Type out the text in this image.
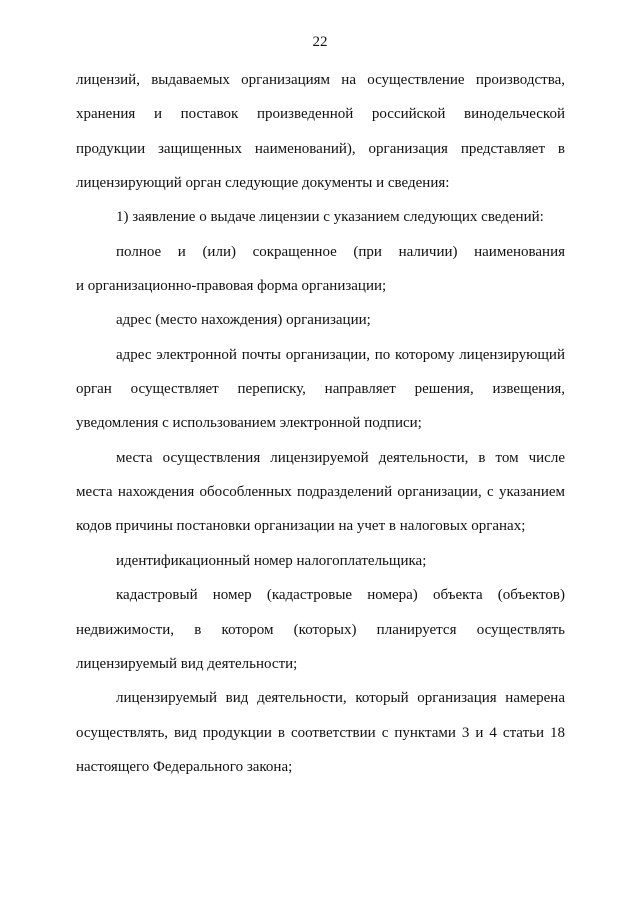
22
лицензий, выдаваемых организациям на осуществление производства,
хранения и поставок произведенной российской винодельческой
продукции защищенных наименований), организация представляет в
лицензирующий орган следующие документы и сведения:
1) заявление о выдаче лицензии с указанием следующих сведений:
полное и (или) сокращенное (при наличии) наименования
и организационно-правовая форма организации;
адрес (место нахождения) организации;
адрес электронной почты организации, по которому лицензирующий
орган осуществляет переписку, направляет решения, извещения,
уведомления с использованием электронной подписи;
места осуществления лицензируемой деятельности, в том числе
места нахождения обособленных подразделений организации, с указанием
кодов причины постановки организации на учет в налоговых органах;
идентификационный номер налогоплательщика;
кадастровый номер (кадастровые номера) объекта (объектов)
недвижимости, в котором (которых) планируется осуществлять
лицензируемый вид деятельности;
лицензируемый вид деятельности, который организация намерена
осуществлять, вид продукции в соответствии с пунктами 3 и 4 статьи 18
настоящего Федерального закона;
